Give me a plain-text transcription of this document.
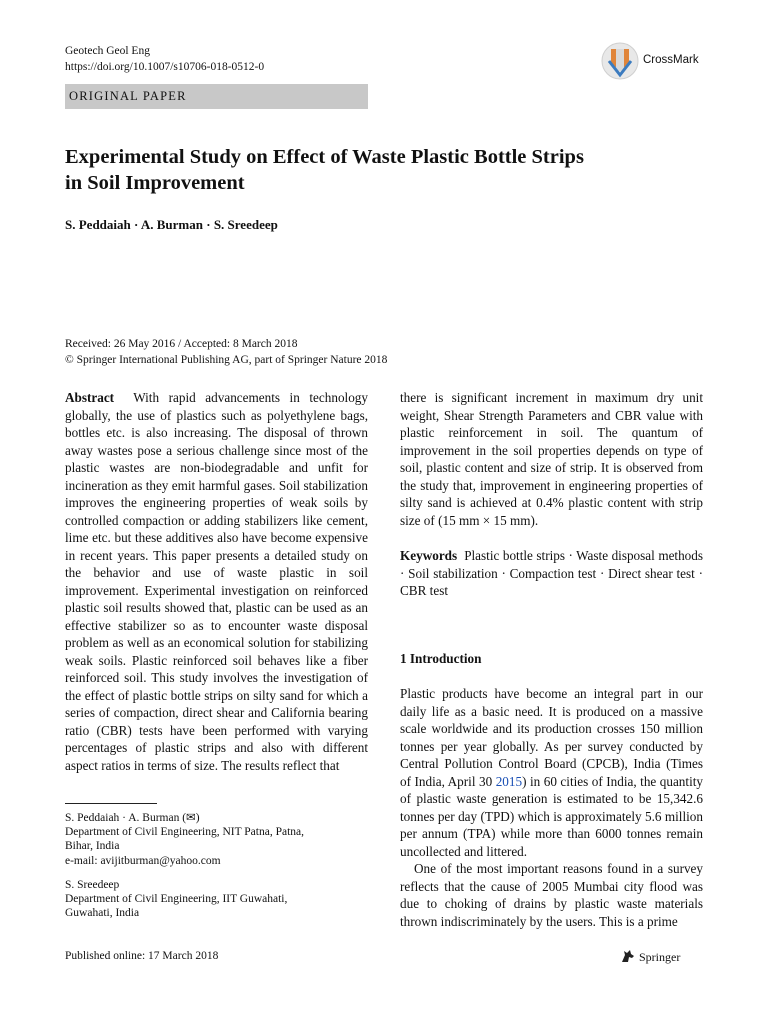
Geotech Geol Eng
https://doi.org/10.1007/s10706-018-0512-0
CrossMark
ORIGINAL PAPER
Experimental Study on Effect of Waste Plastic Bottle Strips
in Soil Improvement
S. Peddaiah · A. Burman · S. Sreedeep
Received: 26 May 2016 / Accepted: 8 March 2018
© Springer International Publishing AG, part of Springer Nature 2018

Abstract With rapid advancements in technology globally, the use of plastics such as polyethylene bags, bottles etc. is also increasing. The disposal of thrown away wastes pose a serious challenge since most of the plastic wastes are non-biodegradable and unfit for incineration as they emit harmful gases. Soil stabilization improves the engineering properties of weak soils by controlled compaction or adding stabilizers like cement, lime etc. but these additives also have become expensive in recent years. This paper presents a detailed study on the behavior and use of waste plastic in soil improvement. Experimental investigation on reinforced plastic soil results showed that, plastic can be used as an effective stabilizer so as to encounter waste disposal problem as well as an economical solution for stabilizing weak soils. Plastic reinforced soil behaves like a fiber reinforced soil. This study involves the investigation of the effect of plastic bottle strips on silty sand for which a series of compaction, direct shear and California bearing ratio (CBR) tests have been performed with varying percentages of plastic strips and also with different aspect ratios in terms of size. The results reflect that

there is significant increment in maximum dry unit weight, Shear Strength Parameters and CBR value with plastic reinforcement in soil. The quantum of improvement in the soil properties depends on type of soil, plastic content and size of strip. It is observed from the study that, improvement in engineering properties of silty sand is achieved at 0.4% plastic content with strip size of (15 mm × 15 mm).

Keywords Plastic bottle strips · Waste disposal methods · Soil stabilization · Compaction test · Direct shear test · CBR test

1 Introduction

Plastic products have become an integral part in our daily life as a basic need. It is produced on a massive scale worldwide and its production crosses 150 million tonnes per year globally. As per survey conducted by Central Pollution Control Board (CPCB), India (Times of India, April 30 2015) in 60 cities of India, the quantity of plastic waste generation is estimated to be 15,342.6 tonnes per day (TPD) which is approximately 5.6 million per annum (TPA) while more than 6000 tonnes remain uncollected and littered.

One of the most important reasons found in a survey reflects that the cause of 2005 Mumbai city flood was due to choking of drains by plastic waste materials thrown indiscriminately by the users. This is a prime

S. Peddaiah · A. Burman (✉)

Department of Civil Engineering, NIT Patna, Patna,

Bihar, India

e-mail: avijitburman@yahoo.com

S. Sreedeep

Department of Civil Engineering, IIT Guwahati,

Guwahati, India

Published online: 17 March 2018	Springer
